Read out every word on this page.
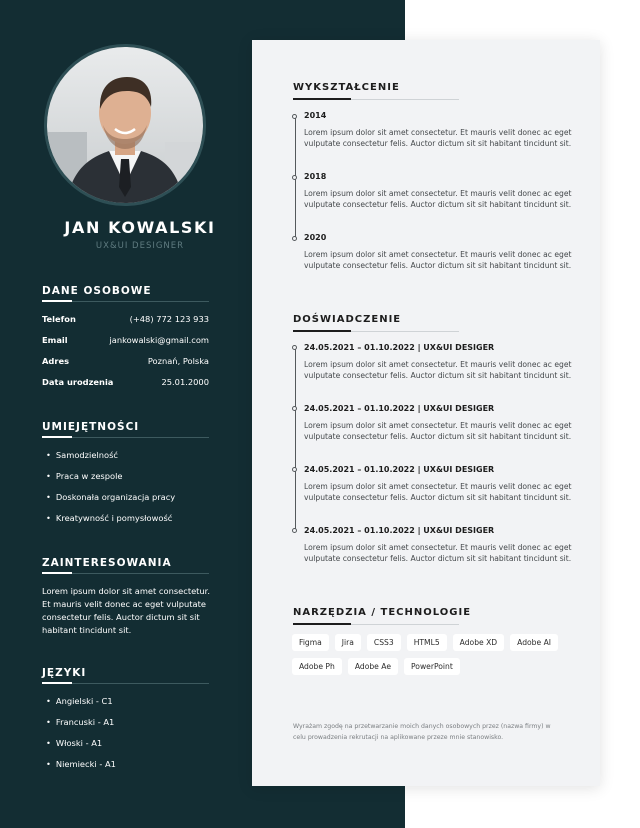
JAN KOWALSKI
UX&UI DESIGNER
DANE OSOBOWE
Telefon	(+48) 772 123 933
Email	jankowalski@gmail.com
Adres	Poznań, Polska
Data urodzenia	25.01.2000
UMIEJĘTNOŚCI
• Samodzielność
• Praca w zespole
• Doskonała organizacja pracy
• Kreatywność i pomysłowość
ZAINTERESOWANIA
Lorem ipsum dolor sit amet consectetur. Et mauris velit donec ac eget vulputate consectetur felis. Auctor dictum sit sit habitant tincidunt sit.
JĘZYKI
• Angielski - C1
• Francuski - A1
• Włoski - A1
• Niemiecki - A1
WYKSZTAŁCENIE
2014
Lorem ipsum dolor sit amet consectetur. Et mauris velit donec ac eget vulputate consectetur felis. Auctor dictum sit sit habitant tincidunt sit.
2018
Lorem ipsum dolor sit amet consectetur. Et mauris velit donec ac eget vulputate consectetur felis. Auctor dictum sit sit habitant tincidunt sit.
2020
Lorem ipsum dolor sit amet consectetur. Et mauris velit donec ac eget vulputate consectetur felis. Auctor dictum sit sit habitant tincidunt sit.
DOŚWIADCZENIE
24.05.2021 – 01.10.2022 | UX&UI DESIGER
Lorem ipsum dolor sit amet consectetur. Et mauris velit donec ac eget vulputate consectetur felis. Auctor dictum sit sit habitant tincidunt sit.
24.05.2021 – 01.10.2022 | UX&UI DESIGER
Lorem ipsum dolor sit amet consectetur. Et mauris velit donec ac eget vulputate consectetur felis. Auctor dictum sit sit habitant tincidunt sit.
24.05.2021 – 01.10.2022 | UX&UI DESIGER
Lorem ipsum dolor sit amet consectetur. Et mauris velit donec ac eget vulputate consectetur felis. Auctor dictum sit sit habitant tincidunt sit.
24.05.2021 – 01.10.2022 | UX&UI DESIGER
Lorem ipsum dolor sit amet consectetur. Et mauris velit donec ac eget vulputate consectetur felis. Auctor dictum sit sit habitant tincidunt sit.
NARZĘDZIA / TECHNOLOGIE
Figma	Jira	CSS3	HTML5	Adobe XD	Adobe AI
Adobe Ph	Adobe Ae	PowerPoint
Wyrażam zgodę na przetwarzanie moich danych osobowych przez (nazwa firmy) w celu prowadzenia rekrutacji na aplikowane przeze mnie stanowisko.
